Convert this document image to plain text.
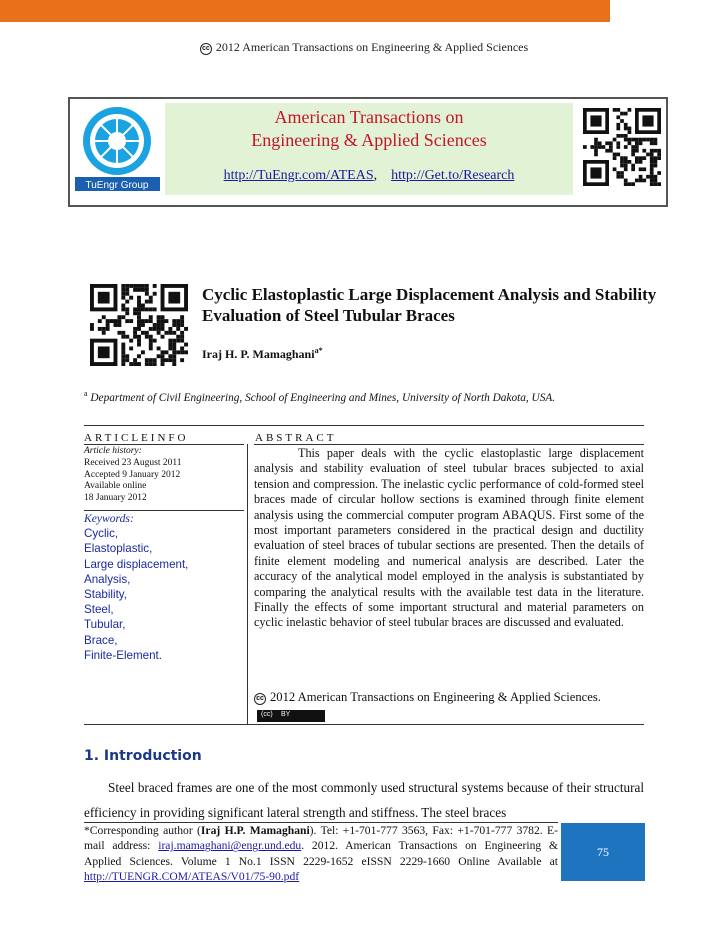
cc 2012 American Transactions on Engineering & Applied Sciences
TuEngr Group
American Transactions on
Engineering & Applied Sciences
http://TuEngr.com/ATEAS, http://Get.to/Research
Cyclic Elastoplastic Large Displacement Analysis and Stability Evaluation of Steel Tubular Braces
Iraj H. P. Mamaghani$^{a*}$
$^a$ Department of Civil Engineering, School of Engineering and Mines, University of North Dakota, USA.
ARTICLEINFO
Article history:
Received 23 August 2011
Accepted 9 January 2012
Available online
18 January 2012
Keywords:
Cyclic,
Elastoplastic,
Large displacement,
Analysis,
Stability,
Steel,
Tubular,
Brace,
Finite-Element.
ABSTRACT
This paper deals with the cyclic elastoplastic large displacement analysis and stability evaluation of steel tubular braces subjected to axial tension and compression. The inelastic cyclic performance of cold-formed steel braces made of circular hollow sections is examined through finite element analysis using the commercial computer program ABAQUS. First some of the most important parameters considered in the practical design and ductility evaluation of steel braces of tubular sections are presented. Then the details of finite element modeling and numerical analysis are described. Later the accuracy of the analytical model employed in the analysis is substantiated by comparing the analytical results with the available test data in the literature. Finally the effects of some important structural and material parameters on cyclic inelastic behavior of steel tubular braces are discussed and evaluated.
cc 2012 American Transactions on Engineering & Applied Sciences.
(cc) BY
1. Introduction
Steel braced frames are one of the most commonly used structural systems because of their structural efficiency in providing significant lateral strength and stiffness. The steel braces
*Corresponding author (Iraj H.P. Mamaghani). Tel: +1-701-777 3563, Fax: +1-701-777 3782. E-mail address: iraj.mamaghani@engr.und.edu. 2012. American Transactions on Engineering & Applied Sciences. Volume 1 No.1 ISSN 2229-1652 eISSN 2229-1660 Online Available at http://TUENGR.COM/ATEAS/V01/75-90.pdf
75
